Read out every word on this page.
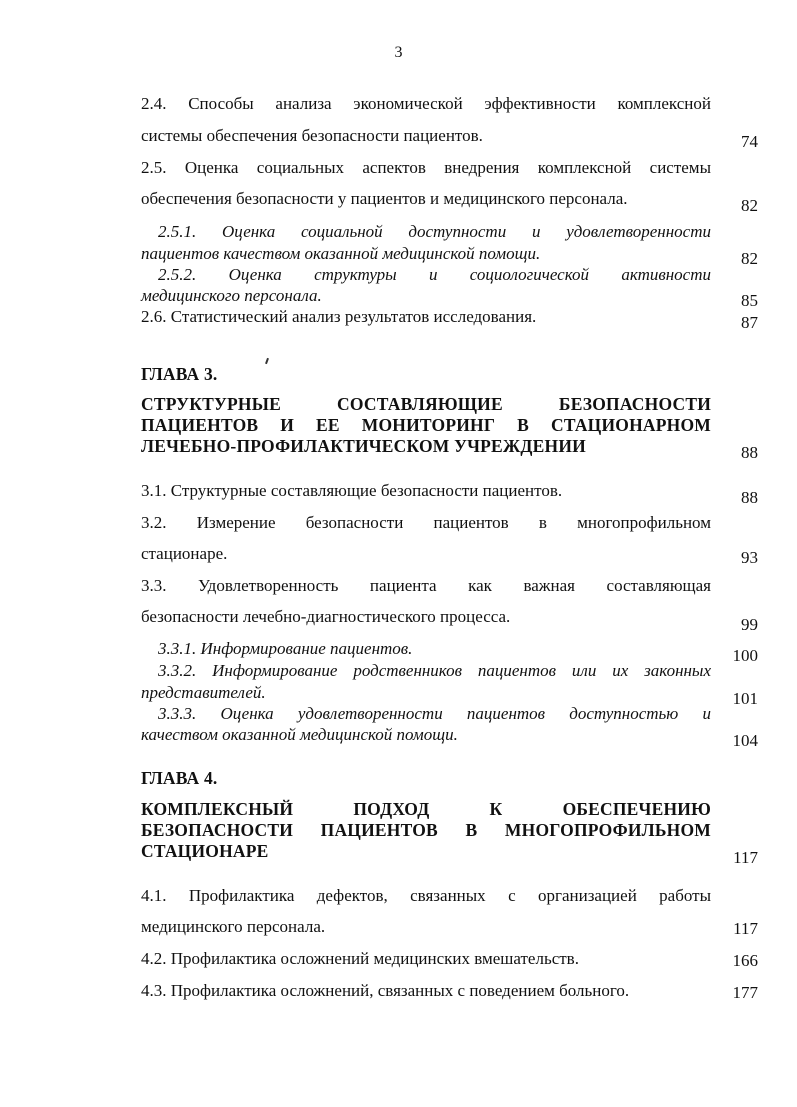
3
2.4. Способы анализа экономической эффективности комплексной
системы обеспечения безопасности пациентов.	74
2.5. Оценка социальных аспектов внедрения комплексной системы
обеспечения безопасности у пациентов и медицинского персонала.	82
2.5.1. Оценка социальной доступности и удовлетворенности
пациентов качеством оказанной медицинской помощи.	82
2.5.2. Оценка структуры и социологической активности
медицинского персонала.	85
2.6. Статистический анализ результатов исследования.	87
ГЛАВА 3.
СТРУКТУРНЫЕ СОСТАВЛЯЮЩИЕ БЕЗОПАСНОСТИ
ПАЦИЕНТОВ И ЕЕ МОНИТОРИНГ В СТАЦИОНАРНОМ
ЛЕЧЕБНО-ПРОФИЛАКТИЧЕСКОМ УЧРЕЖДЕНИИ	88
3.1. Структурные составляющие безопасности пациентов.	88
3.2. Измерение безопасности пациентов в многопрофильном
стационаре.	93
3.3. Удовлетворенность пациента как важная составляющая
безопасности лечебно-диагностического процесса.	99
3.3.1. Информирование пациентов.	100
3.3.2. Информирование родственников пациентов или их законных
представителей.	101
3.3.3. Оценка удовлетворенности пациентов доступностью и
качеством оказанной медицинской помощи.	104
ГЛАВА 4.
КОМПЛЕКСНЫЙ ПОДХОД К ОБЕСПЕЧЕНИЮ
БЕЗОПАСНОСТИ ПАЦИЕНТОВ В МНОГОПРОФИЛЬНОМ
СТАЦИОНАРЕ	117
4.1. Профилактика дефектов, связанных с организацией работы
медицинского персонала.	117
4.2. Профилактика осложнений медицинских вмешательств.	166
4.3. Профилактика осложнений, связанных с поведением больного.	177
